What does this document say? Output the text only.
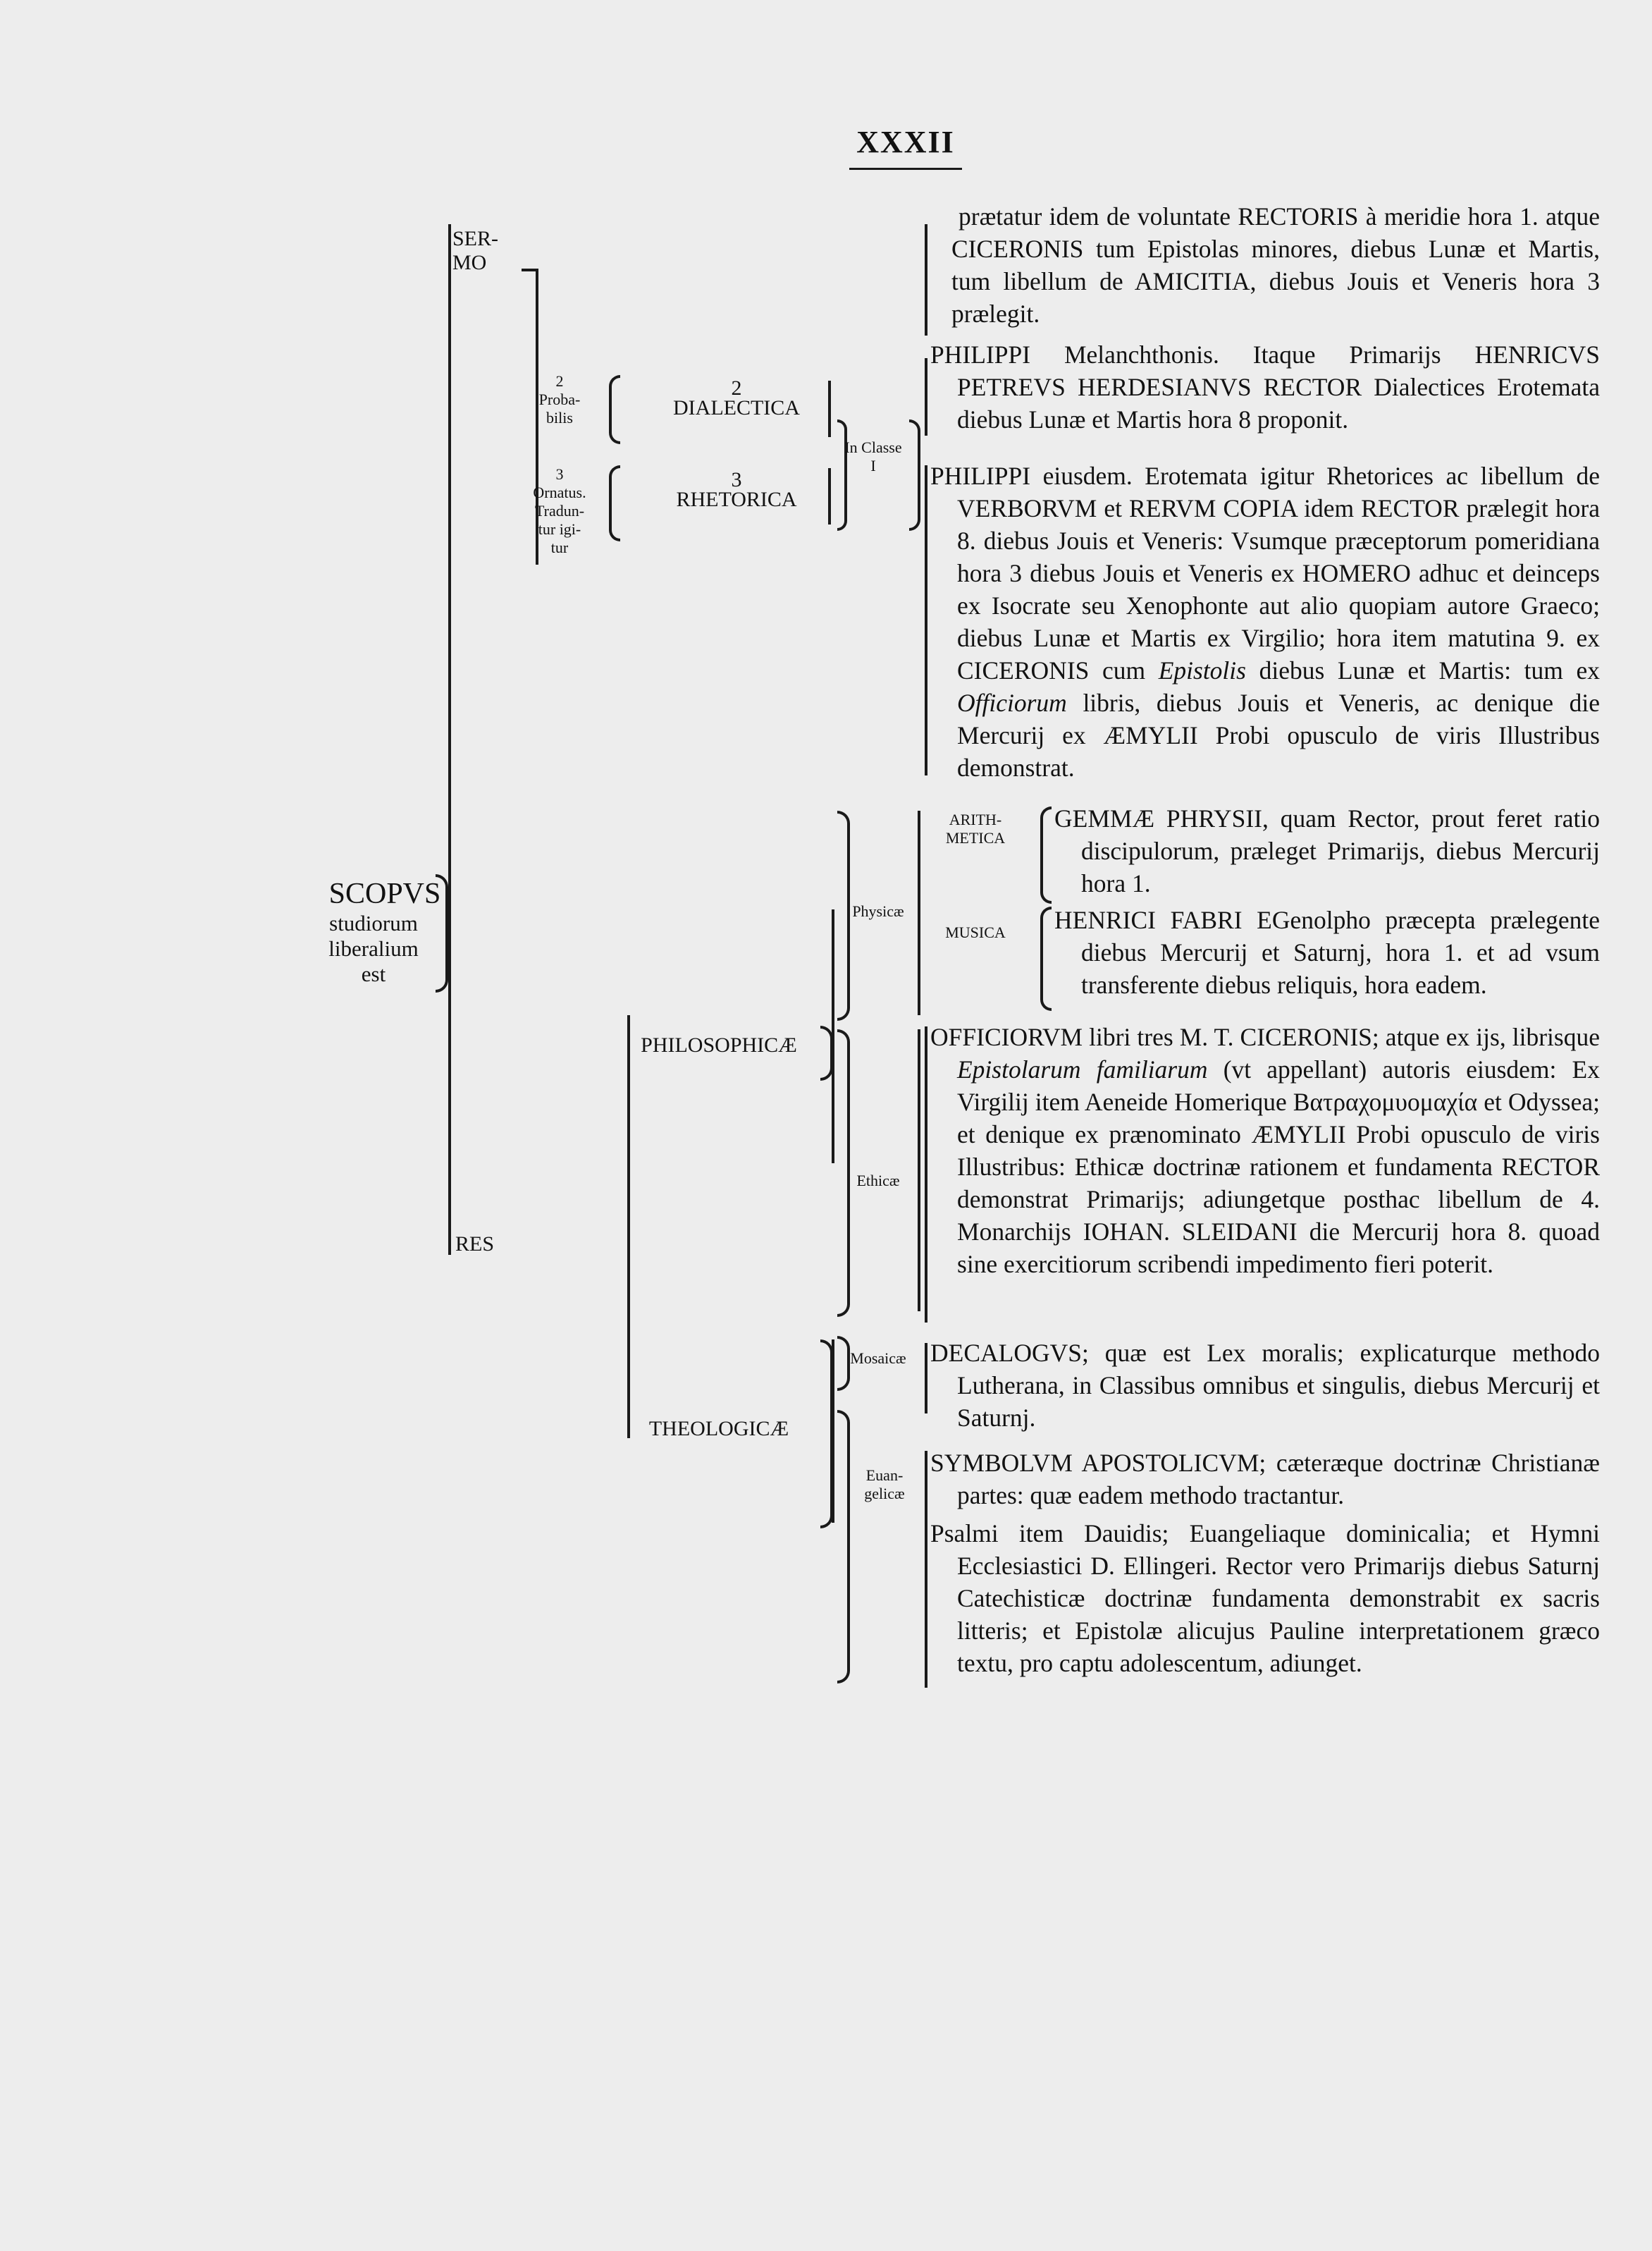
XXXII
SER-
MO
2
Proba-
bilis
2
DIALECTICA
3
Ornatus.
Tradun-
tur igi-
tur
3
RHETORICA
In Classe
I
SCOPVS
studiorum
liberalium
est
RES
PHILOSOPHICÆ
Physicæ
Ethicæ
THEOLOGICÆ
Mosaicæ
Euan-
gelicæ
prætatur idem de voluntate RECTORIS à meridie hora 1. atque CICERONIS tum Epistolas minores, diebus Lunæ et Martis, tum libellum de AMICITIA, diebus Jouis et Veneris hora 3 prælegit.
PHILIPPI Melanchthonis. Itaque Primarijs HENRICVS PETREVS HERDESIANVS RECTOR Dialectices Erotemata diebus Lunæ et Martis hora 8 proponit.
PHILIPPI eiusdem. Erotemata igitur Rhetorices ac libellum de VERBORVM et RERVM COPIA idem RECTOR prælegit hora 8. diebus Jouis et Veneris: Vsumque præceptorum pomeridiana hora 3 diebus Jouis et Veneris ex HOMERO adhuc et deinceps ex Isocrate seu Xenophonte aut alio quopiam autore Graeco; diebus Lunæ et Martis ex Virgilio; hora item matutina 9. ex CICERONIS cum Epistolis diebus Lunæ et Martis: tum ex Officiorum libris, diebus Jouis et Veneris, ac denique die Mercurij ex ÆMYLII Probi opusculo de viris Illustribus demonstrat.
ARITH-
METICA
GEMMÆ PHRYSII, quam Rector, prout feret ratio discipulorum, præleget Primarijs, diebus Mercurij hora 1.
MUSICA	HENRICI FABRI EGenolpho præcepta prælegente diebus Mercurij et Saturnj, hora 1. et ad vsum transferente diebus reliquis, hora eadem.
OFFICIORVM libri tres M. T. CICERONIS; atque ex ijs, librisque Epistolarum familiarum (vt appellant) autoris eiusdem: Ex Virgilij item Aeneide Homerique Βατραχομυομαχία et Odyssea; et denique ex prænominato ÆMYLII Probi opusculo de viris Illustribus: Ethicæ doctrinæ rationem et fundamenta RECTOR demonstrat Primarijs; adiungetque posthac libellum de 4. Monarchijs IOHAN. SLEIDANI die Mercurij hora 8. quoad sine exercitiorum scribendi impedimento fieri poterit.
DECALOGVS; quæ est Lex moralis; explicaturque methodo Lutherana, in Classibus omnibus et singulis, diebus Mercurij et Saturnj.
SYMBOLVM APOSTOLICVM; cæteræque doctrinæ Christianæ partes: quæ eadem methodo tractantur.
Psalmi item Dauidis; Euangeliaque dominicalia; et Hymni Ecclesiastici D. Ellingeri. Rector vero Primarijs diebus Saturnj Catechisticæ doctrinæ fundamenta demonstrabit ex sacris litteris; et Epistolæ alicujus Pauline interpretationem græco textu, pro captu adolescentum, adiunget.
